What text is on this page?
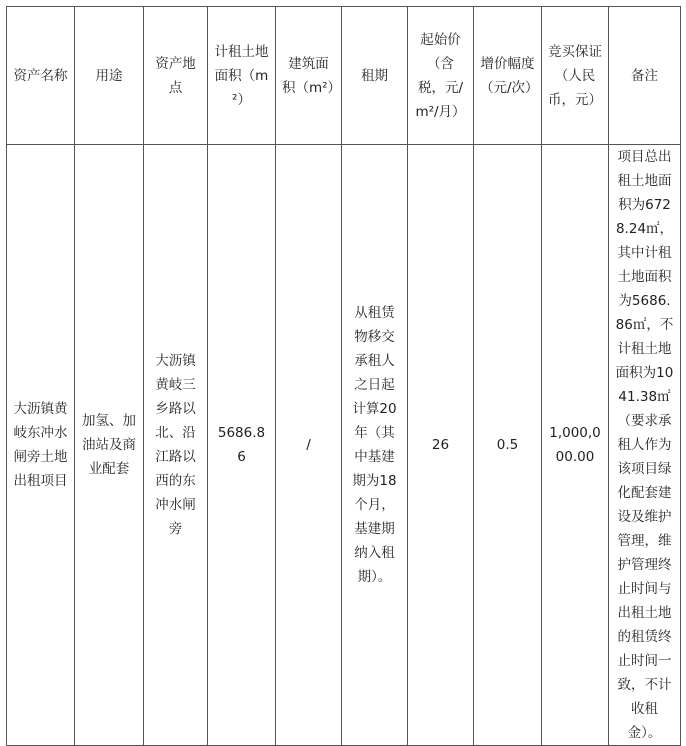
资产名称	用途	资产地点	计租土地面积（m²）	建筑面积（m²）	租期	起始价（含税，元/m²/月）	增价幅度（元/次）	竞买保证（人民币，元）	备注
大沥镇黄岐东冲水闸旁土地出租项目	加氢、加油站及商业配套	大沥镇黄岐三乡路以北、沿江路以西的东冲水闸旁	5686.86	/	从租赁物移交承租人之日起计算20年（其中基建期为18个月，基建期纳入租期）。	26	0.5	1,000,000.00	项目总出租土地面积为6728.24㎡，其中计租土地面积为5686.86㎡，不计租土地面积为1041.38㎡（要求承租人作为该项目绿化配套建设及维护管理，维护管理终止时间与出租土地的租赁终止时间一致，不计收租金）。
